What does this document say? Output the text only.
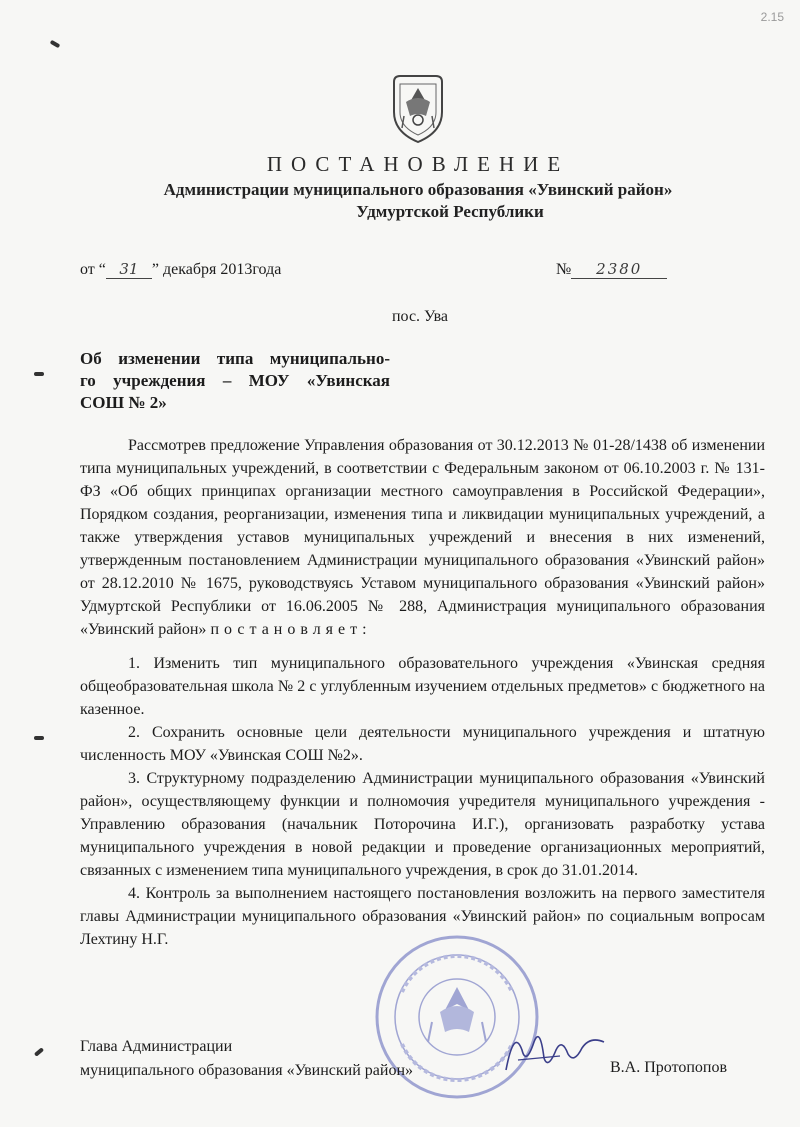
2.15
ПОСТАНОВЛЕНИЕ
Администрации муниципального образования «Увинский район»
Удмуртской Республики
от “ 31 ” декабря 2013года	№ 2380
пос. Ува
Об изменении типа муниципально-
го учреждения – МОУ «Увинская
СОШ № 2»

Рассмотрев предложение Управления образования от 30.12.2013 № 01-28/1438 об изменении типа муниципальных учреждений, в соответствии с Федеральным законом от 06.10.2003 г. № 131-ФЗ «Об общих принципах организации местного самоуправления в Российской Федерации», Порядком создания, реорганизации, изменения типа и ликвидации муниципальных учреждений, а также утверждения уставов муниципальных учреждений и внесения в них изменений, утвержденным постановлением Администрации муниципального образования «Увинский район» от 28.12.2010 № 1675, руководствуясь Уставом муниципального образования «Увинский район» Удмуртской Республики от 16.06.2005 № 288, Администрация муниципального образования «Увинский район» постановляет:

1. Изменить тип муниципального образовательного учреждения «Увинская средняя общеобразовательная школа № 2 с углубленным изучением отдельных предметов» с бюджетного на казенное.

2. Сохранить основные цели деятельности муниципального учреждения и штатную численность МОУ «Увинская СОШ №2».

3. Структурному подразделению Администрации муниципального образования «Увинский район», осуществляющему функции и полномочия учредителя муниципального учреждения - Управлению образования (начальник Поторочина И.Г.), организовать разработку устава муниципального учреждения в новой редакции и проведение организационных мероприятий, связанных с изменением типа муниципального учреждения, в срок до 31.01.2014.

4. Контроль за выполнением настоящего постановления возложить на первого заместителя главы Администрации муниципального образования «Увинский район» по социальным вопросам Лехтину Н.Г.

Глава Администрации
муниципального образования «Увинский район»	В.А. Протопопов
